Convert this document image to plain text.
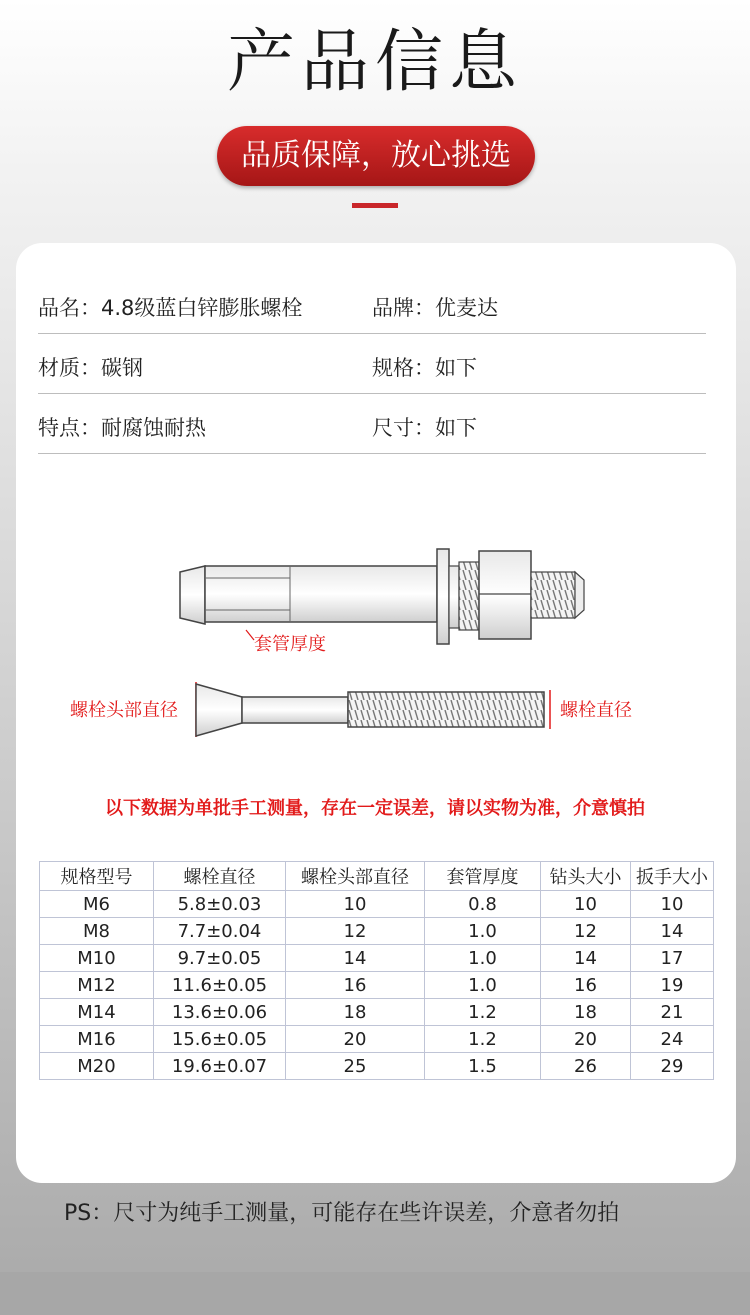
产品信息
品质保障，放心挑选
品名：4.8级蓝白锌膨胀螺栓	品牌：优麦达
材质：碳钢	规格：如下
特点：耐腐蚀耐热	尺寸：如下
套管厚度
螺栓头部直径	螺栓直径
以下数据为单批手工测量，存在一定误差，请以实物为准，介意慎拍
规格型号	螺栓直径	螺栓头部直径	套管厚度	钻头大小	扳手大小
M6	5.8±0.03	10	0.8	10	10
M8	7.7±0.04	12	1.0	12	14
M10	9.7±0.05	14	1.0	14	17
M12	11.6±0.05	16	1.0	16	19
M14	13.6±0.06	18	1.2	18	21
M16	15.6±0.05	20	1.2	20	24
M20	19.6±0.07	25	1.5	26	29
PS：尺寸为纯手工测量，可能存在些许误差，介意者勿拍
